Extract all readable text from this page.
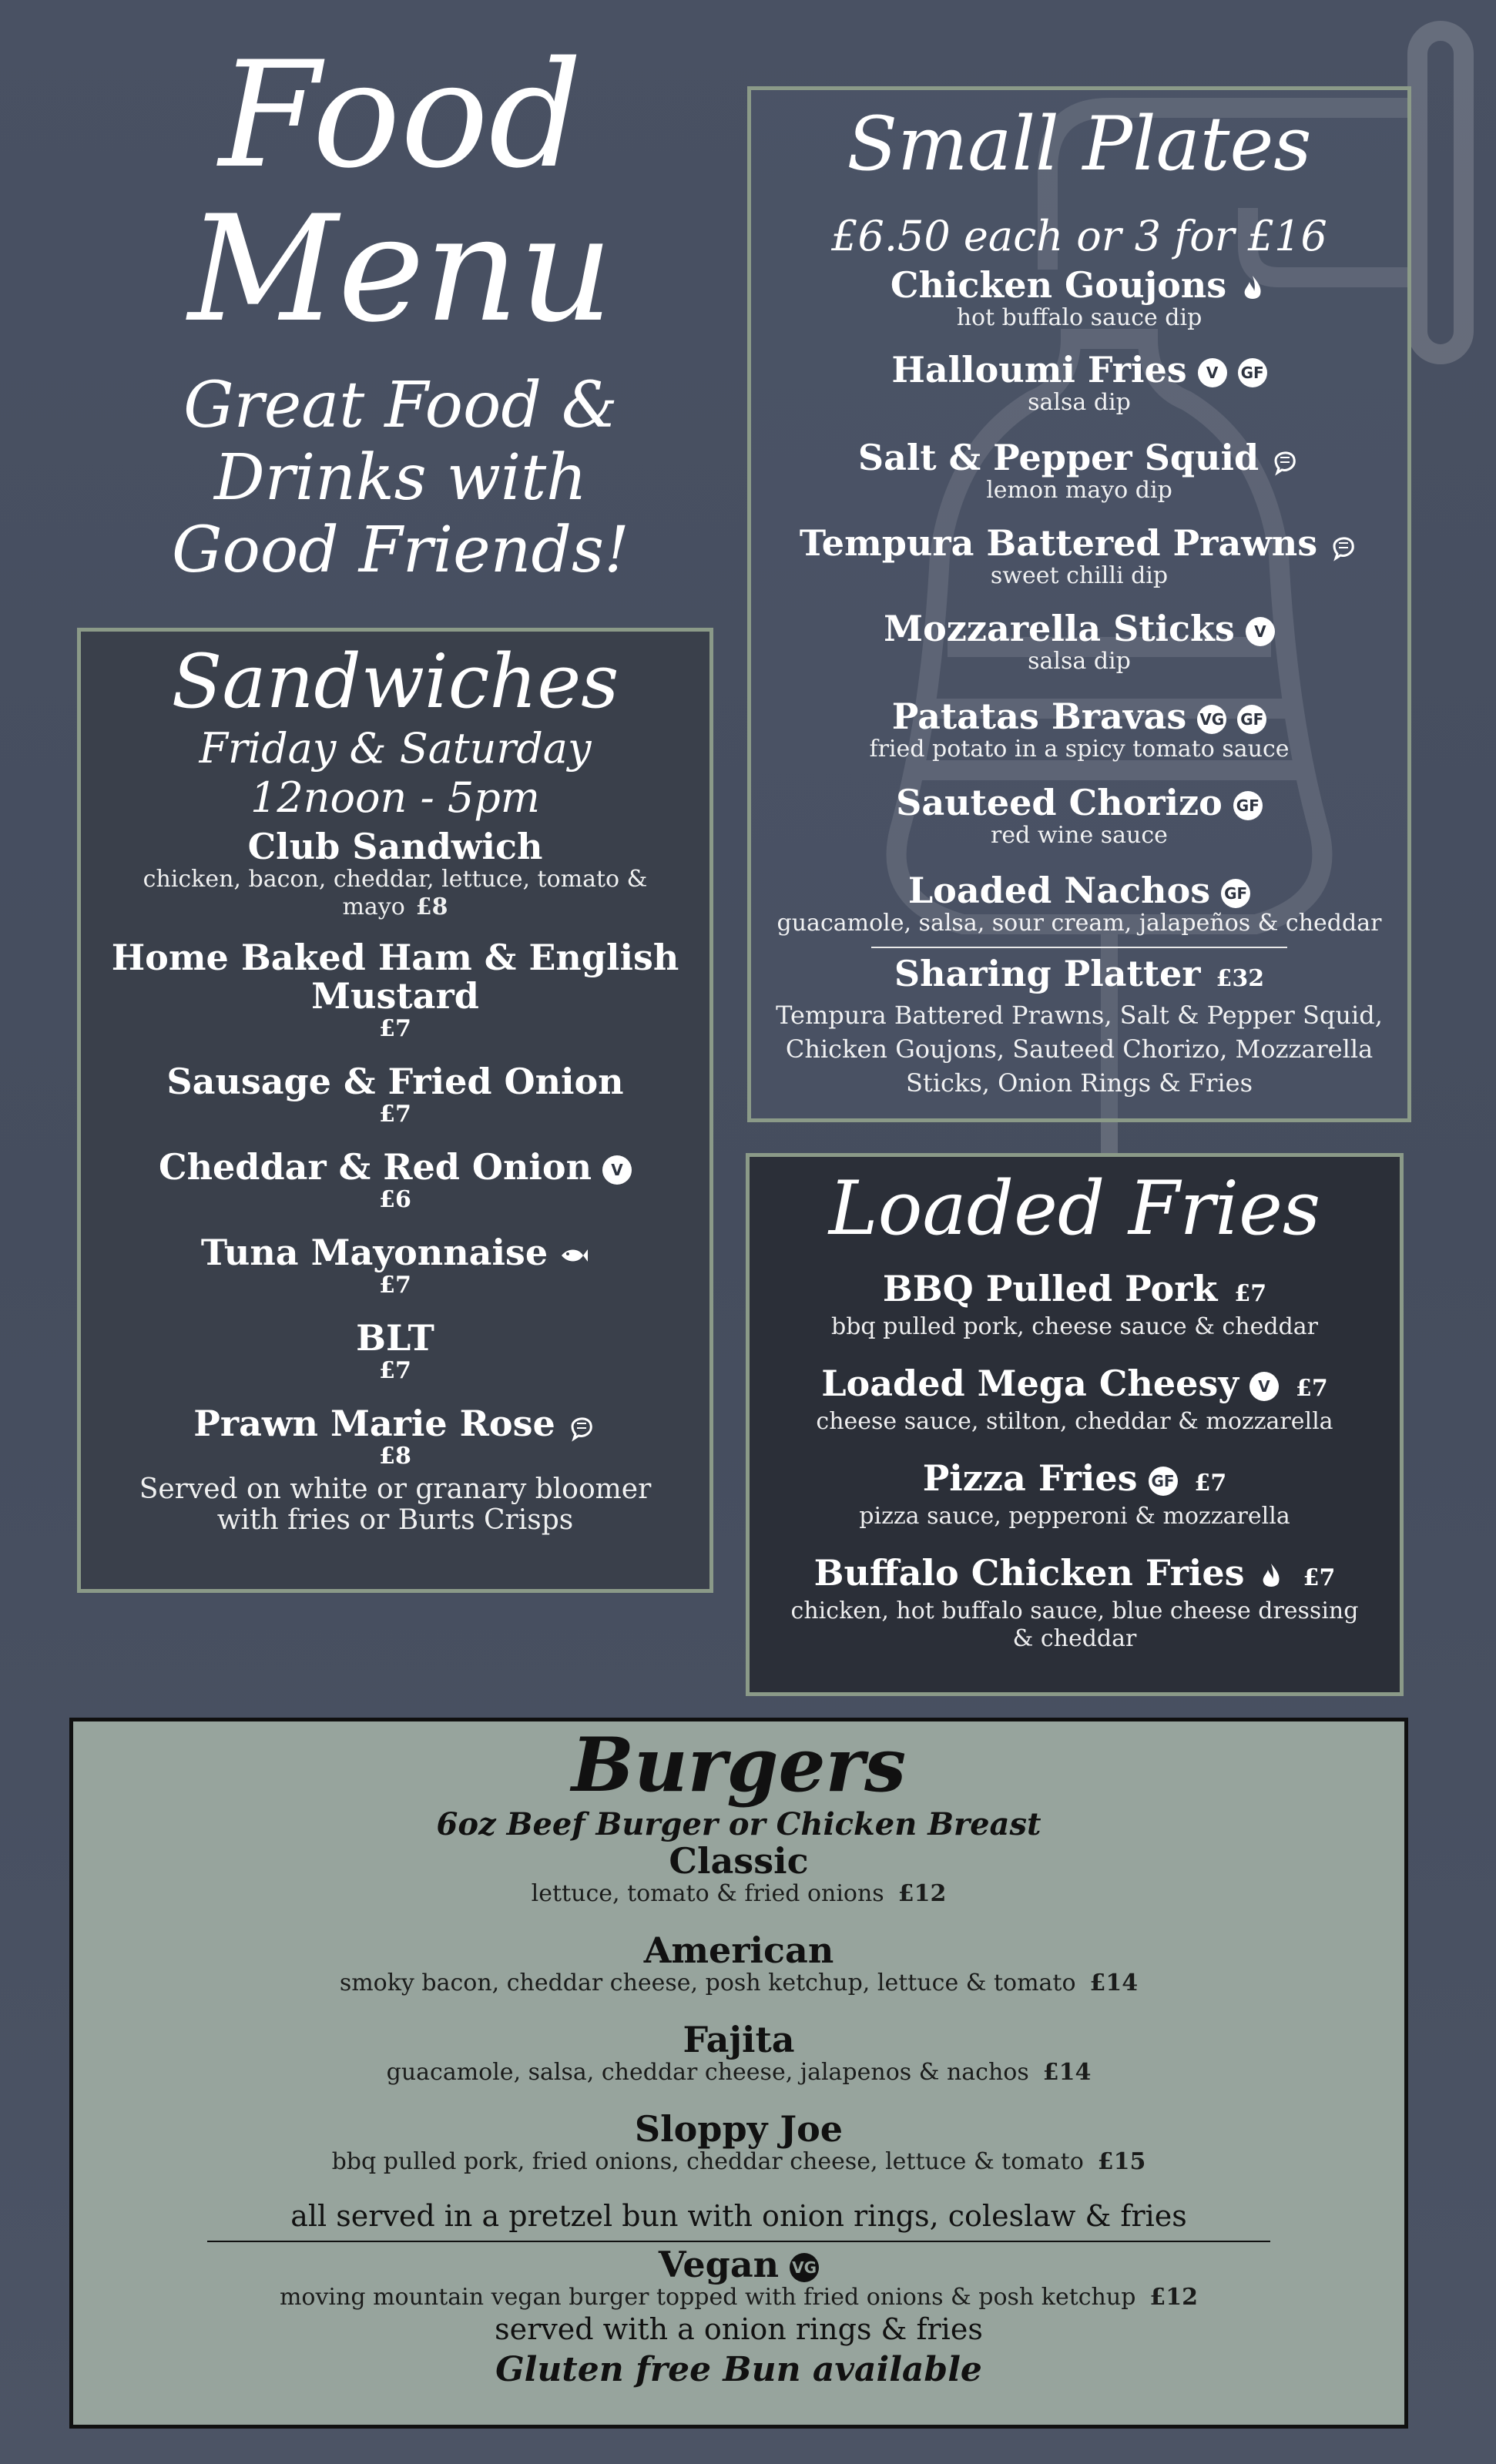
Food
Menu
Great Food & Drinks with
Good Friends!
Small Plates
£6.50 each or 3 for £16
Chicken Goujons
hot buffalo sauce dip
Halloumi Fries V GF
salsa dip
Salt & Pepper Squid
lemon mayo dip
Tempura Battered Prawns
sweet chilli dip
Mozzarella Sticks V
salsa dip
Patatas Bravas VG GF
fried potato in a spicy tomato sauce
Sauteed Chorizo GF
red wine sauce
Loaded Nachos GF
guacamole, salsa, sour cream, jalapeños & cheddar
Sharing Platter £32
Tempura Battered Prawns, Salt & Pepper Squid,
Chicken Goujons, Sauteed Chorizo, Mozzarella
Sticks, Onion Rings & Fries
Sandwiches
Friday & Saturday
12noon - 5pm
Club Sandwich
chicken, bacon, cheddar, lettuce, tomato &
mayo £8
Home Baked Ham & English
Mustard
£7
Sausage & Fried Onion
£7
Cheddar & Red Onion V
£6
Tuna Mayonnaise
£7
BLT
£7
Prawn Marie Rose
£8
Served on white or granary bloomer
with fries or Burts Crisps
Loaded Fries
BBQ Pulled Pork £7
bbq pulled pork, cheese sauce & cheddar
Loaded Mega Cheesy V £7
cheese sauce, stilton, cheddar & mozzarella
Pizza Fries GF £7
pizza sauce, pepperoni & mozzarella
Buffalo Chicken Fries	£7
chicken, hot buffalo sauce, blue cheese dressing
& cheddar
Burgers
6oz Beef Burger or Chicken Breast
Classic
lettuce, tomato & fried onions £12
American
smoky bacon, cheddar cheese, posh ketchup, lettuce & tomato £14
Fajita
guacamole, salsa, cheddar cheese, jalapenos & nachos £14
Sloppy Joe
bbq pulled pork, fried onions, cheddar cheese, lettuce & tomato £15
all served in a pretzel bun with onion rings, coleslaw & fries
Vegan VG
moving mountain vegan burger topped with fried onions & posh ketchup £12
served with a onion rings & fries
Gluten free Bun available
